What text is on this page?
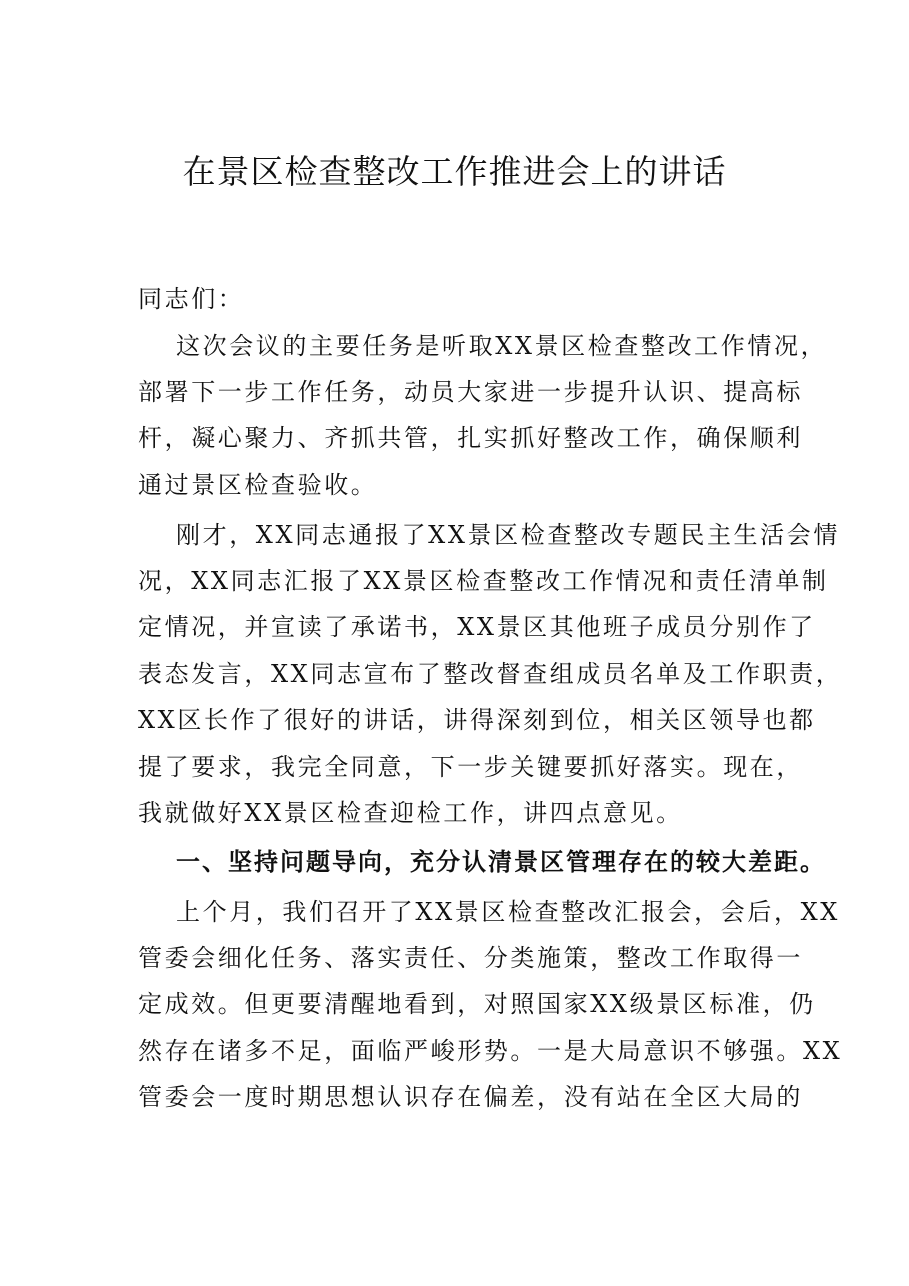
在景区检查整改工作推进会上的讲话
同志们：
这次会议的主要任务是听取XX景区检查整改工作情况，
部署下一步工作任务，动员大家进一步提升认识、提高标
杆，凝心聚力、齐抓共管，扎实抓好整改工作，确保顺利
通过景区检查验收。
刚才，XX同志通报了XX景区检查整改专题民主生活会情
况，XX同志汇报了XX景区检查整改工作情况和责任清单制
定情况，并宣读了承诺书，XX景区其他班子成员分别作了
表态发言，XX同志宣布了整改督查组成员名单及工作职责，
XX区长作了很好的讲话，讲得深刻到位，相关区领导也都
提了要求，我完全同意，下一步关键要抓好落实。现在，
我就做好XX景区检查迎检工作，讲四点意见。
一、坚持问题导向，充分认清景区管理存在的较大差距。
上个月，我们召开了XX景区检查整改汇报会，会后，XX
管委会细化任务、落实责任、分类施策，整改工作取得一
定成效。但更要清醒地看到，对照国家XX级景区标准，仍
然存在诸多不足，面临严峻形势。一是大局意识不够强。XX
管委会一度时期思想认识存在偏差，没有站在全区大局的
